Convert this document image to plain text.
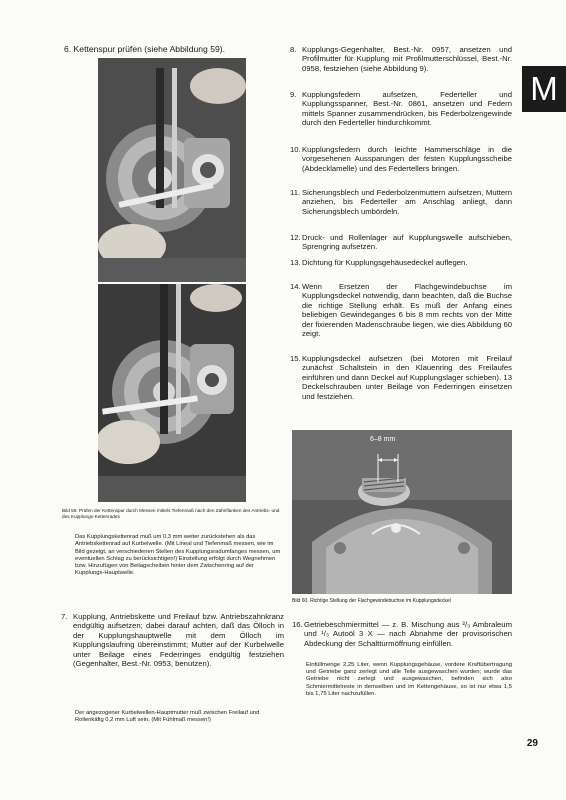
M
29
6. Kettenspur prüfen (siehe Abbildung 59).
Bild 59. Prüfen der Kettenspur durch Messen mittels Tiefenmaß nach den Zahnflanken des Antriebs- und des Kupplungs-Kettenrades
Das Kupplungskettenrad muß um 0,3 mm weiter zurückstehen als das Antriebskettenrad auf Kurbelwelle. (Mit Lineal und Tiefenmaß messen, wie im Bild gezeigt, an verschiedenen Stellen des Kupplungsradumfanges messen, um eventuellen Schlag zu berücksichtigen!) Einstellung erfolgt durch Wegnehmen bzw. Hinzufügen von Beilagscheiben hinter dem Zwischenring auf der Kupplungs-Hauptwelle.
7. Kupplung, Antriebskette und Freilauf bzw. Antriebszahnkranz endgültig aufsetzen; dabei darauf achten, daß das Ölloch in der Kupplungshauptwelle mit dem Ölloch im Kupplungslaufring übereinstimmt; Mutter auf der Kurbelwelle unter Beilage eines Federringes endgültig festziehen (Gegenhalter, Best.-Nr. 0953, benutzen).
Der angezogener Kurbelwellen-Hauptmutter muß zwischen Freilauf und Rollenkäfig 0,2 mm Luft sein. (Mit Fühlmaß messen!)
8. Kupplungs-Gegenhalter, Best.-Nr. 0957, ansetzen und Profilmutter für Kupplung mit Profilmutterschlüssel, Best.-Nr. 0958, festziehen (siehe Abbildung 9).
9. Kupplungsfedern aufsetzen, Federteller und Kupplungsspanner, Best.-Nr. 0861, ansetzen und Federn mittels Spanner zusammendrücken, bis Federbolzengewinde durch den Federteller hindurchkommt.
10. Kupplungsfedern durch leichte Hammerschläge in die vorgesehenen Aussparungen der festen Kupplungsscheibe (Abdecklamelle) und des Federtellers bringen.
11. Sicherungsblech und Federbolzenmuttern aufsetzen, Muttern anziehen, bis Federteller am Anschlag anliegt, dann Sicherungsblech umbördeln.
12. Druck- und Rollenlager auf Kupplungswelle aufschieben, Sprengring aufsetzen.
13. Dichtung für Kupplungsgehäusedeckel auflegen.
14. Wenn Ersetzen der Flachgewindebuchse im Kupplungsdeckel notwendig, dann beachten, daß die Buchse die richtige Stellung erhält. Es muß der Anfang eines beliebigen Gewindeganges 6 bis 8 mm rechts von der Mitte der fixierenden Madenschraube liegen, wie dies Abbildung 60 zeigt.
15. Kupplungsdeckel aufsetzen (bei Motoren mit Freilauf zunächst Schaltstein in den Klauenring des Freilaufes einführen und dann Deckel auf Kupplungslager schieben). 13 Deckelschrauben unter Beilage von Federringen einsetzen und festziehen.
6–8 mm
Bild 60. Richtige Stellung der Flachgewindebuchse im Kupplungsdeckel
16. Getriebeschmiermittel — z. B. Mischung aus ²/₃ Ambraleum und ¹/₃ Autoöl 3 X — nach Abnahme der provisorischen Abdeckung der Schaltturmöffnung einfüllen.
Einfüllmenge 2,25 Liter, wenn Kupplungsgehäuse, vordere Kraftübertragung und Getriebe ganz zerlegt und alle Teile ausgewaschen wurden; wurde das Getriebe nicht zerlegt und ausgewaschen, befinden sich also Schmiermittelreste in demselben und im Kettengehäuse, so ist nur etwa 1,5 bis 1,75 Liter nachzufüllen.
